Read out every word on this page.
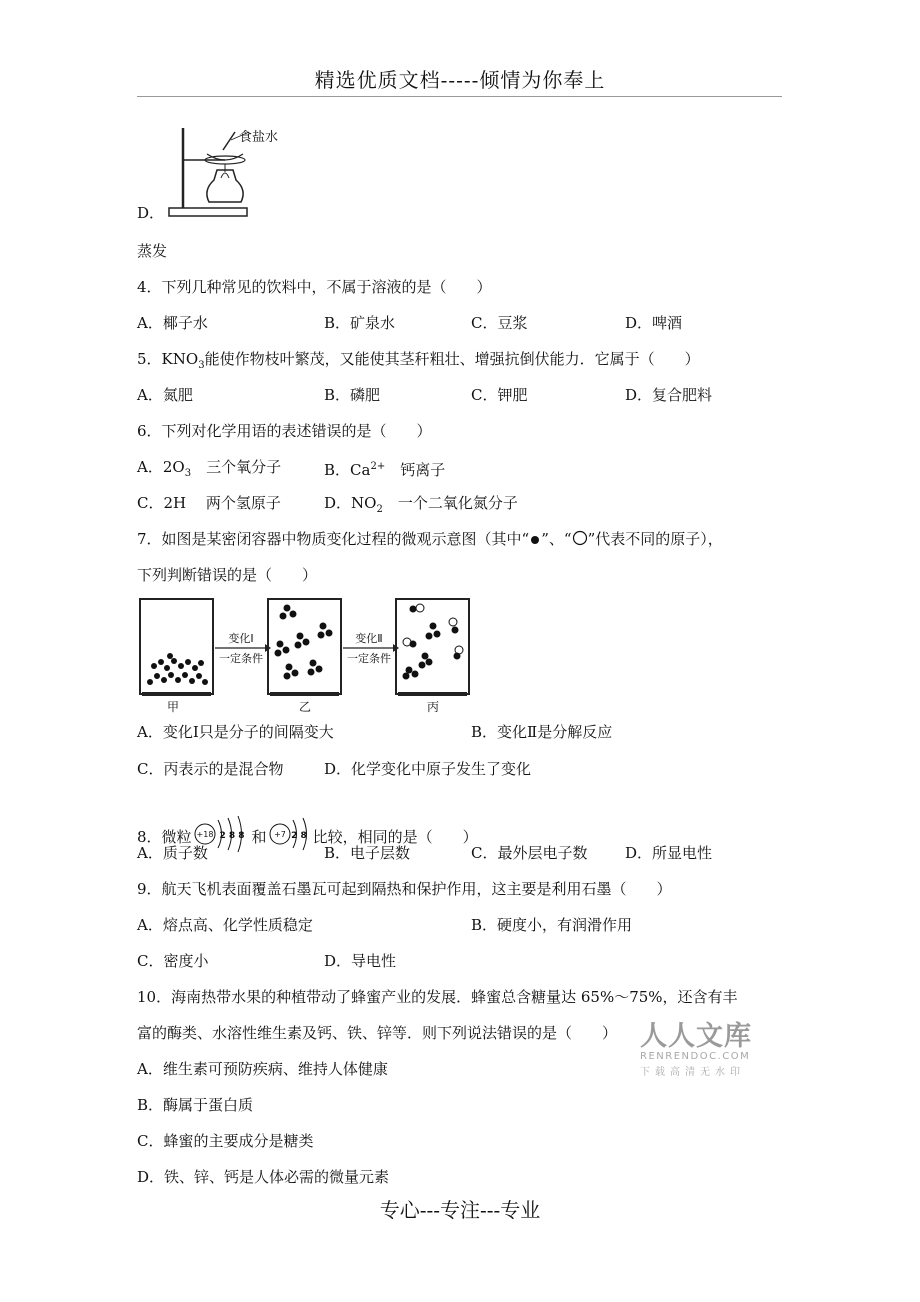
精选优质文档-----倾情为你奉上
D．
食盐水
蒸发
4．下列几种常见的饮料中，不属于溶液的是（　　）
A．椰子水	B．矿泉水	C．豆浆	D．啤酒
5．$KNO_3$能使作物枝叶繁茂，又能使其茎秆粗壮、增强抗倒伏能力．它属于（　　）
A．氮肥	B．磷肥	C．钾肥	D．复合肥料
6．下列对化学用语的表述错误的是（　　）
A．$2O_3$　三个氧分子	B．$Ca^{2+}$　钙离子
C．2H　 两个氢原子	D．$NO_2$　一个二氧化氮分子
7．如图是某密闭容器中物质变化过程的微观示意图（其中“ ”、“ ”代表不同的原子），
下列判断错误的是（　　）
甲
变化Ⅰ
一定条件
乙
变化Ⅱ
一定条件
丙
A．变化Ⅰ只是分子的间隔变大	B．变化Ⅱ是分解反应
C．丙表示的是混合物	D．化学变化中原子发生了变化
8．微粒 +18 2 8 8 和 +7 2 8 比较，相同的是（　　）
A．质子数	B．电子层数	C．最外层电子数	D．所显电性
9．航天飞机表面覆盖石墨瓦可起到隔热和保护作用，这主要是利用石墨（　　）
A．熔点高、化学性质稳定	B．硬度小，有润滑作用
C．密度小	D．导电性
10．海南热带水果的种植带动了蜂蜜产业的发展．蜂蜜总含糖量达 65%～75%，还含有丰
富的酶类、水溶性维生素及钙、铁、锌等．则下列说法错误的是（　　）
A．维生素可预防疾病、维持人体健康
B．酶属于蛋白质
C．蜂蜜的主要成分是糖类
D．铁、锌、钙是人体必需的微量元素
人人文库
RENRENDOC.COM
下载高清无水印
专心---专注---专业
